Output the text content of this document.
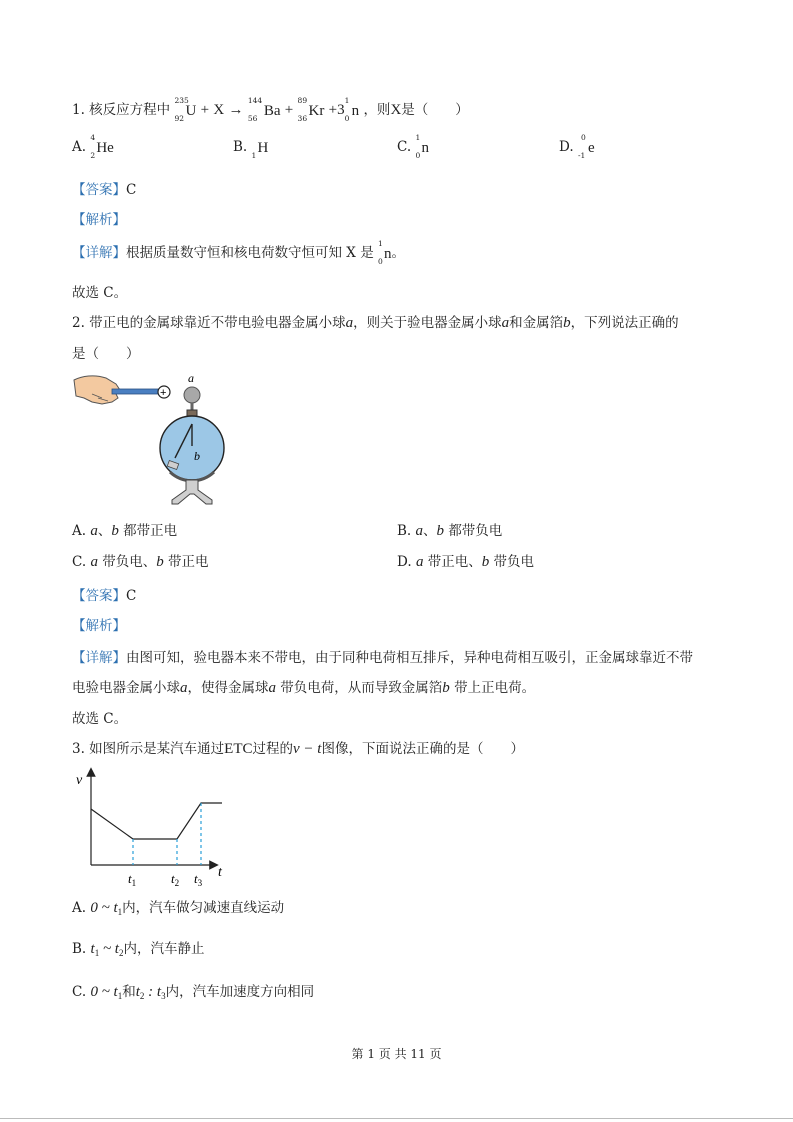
1. 核反应方程中
235
92 U + X →
144
56 Ba +
89
36 Kr +3
1
0 n ，则X是（　　）
A.
4
2 He	B. 1 H	C.
1
0 n	D.
0
-1 e
【答案】C
【解析】
【详解】根据质量数守恒和核电荷数守恒可知 X 是
1
0 n。
故选 C。
2. 带正电的金属球靠近不带电验电器金属小球a，则关于验电器金属小球a和金属箔b，下列说法正确的
是（　　）
+
a
b
A. a、b 都带正电	B. a、b 都带负电
C. a 带负电、b 带正电	D. a 带正电、b 带负电
【答案】C
【解析】
【详解】由图可知，验电器本来不带电，由于同种电荷相互排斥，异种电荷相互吸引，正金属球靠近不带
电验电器金属小球a，使得金属球a 带负电荷，从而导致金属箔b 带上正电荷。
故选 C。
3. 如图所示是某汽车通过ETC过程的v − t图像，下面说法正确的是（　　）
v
t
$t_1$	$t_2$ $t_3$
A. 0 ~ $t_1$内，汽车做匀减速直线运动
B. $t_1$ ~ $t_2$内，汽车静止
C. 0 ~ $t_1$和$t_2$ : $t_3$内，汽车加速度方向相同
第 1 页 共 11 页
